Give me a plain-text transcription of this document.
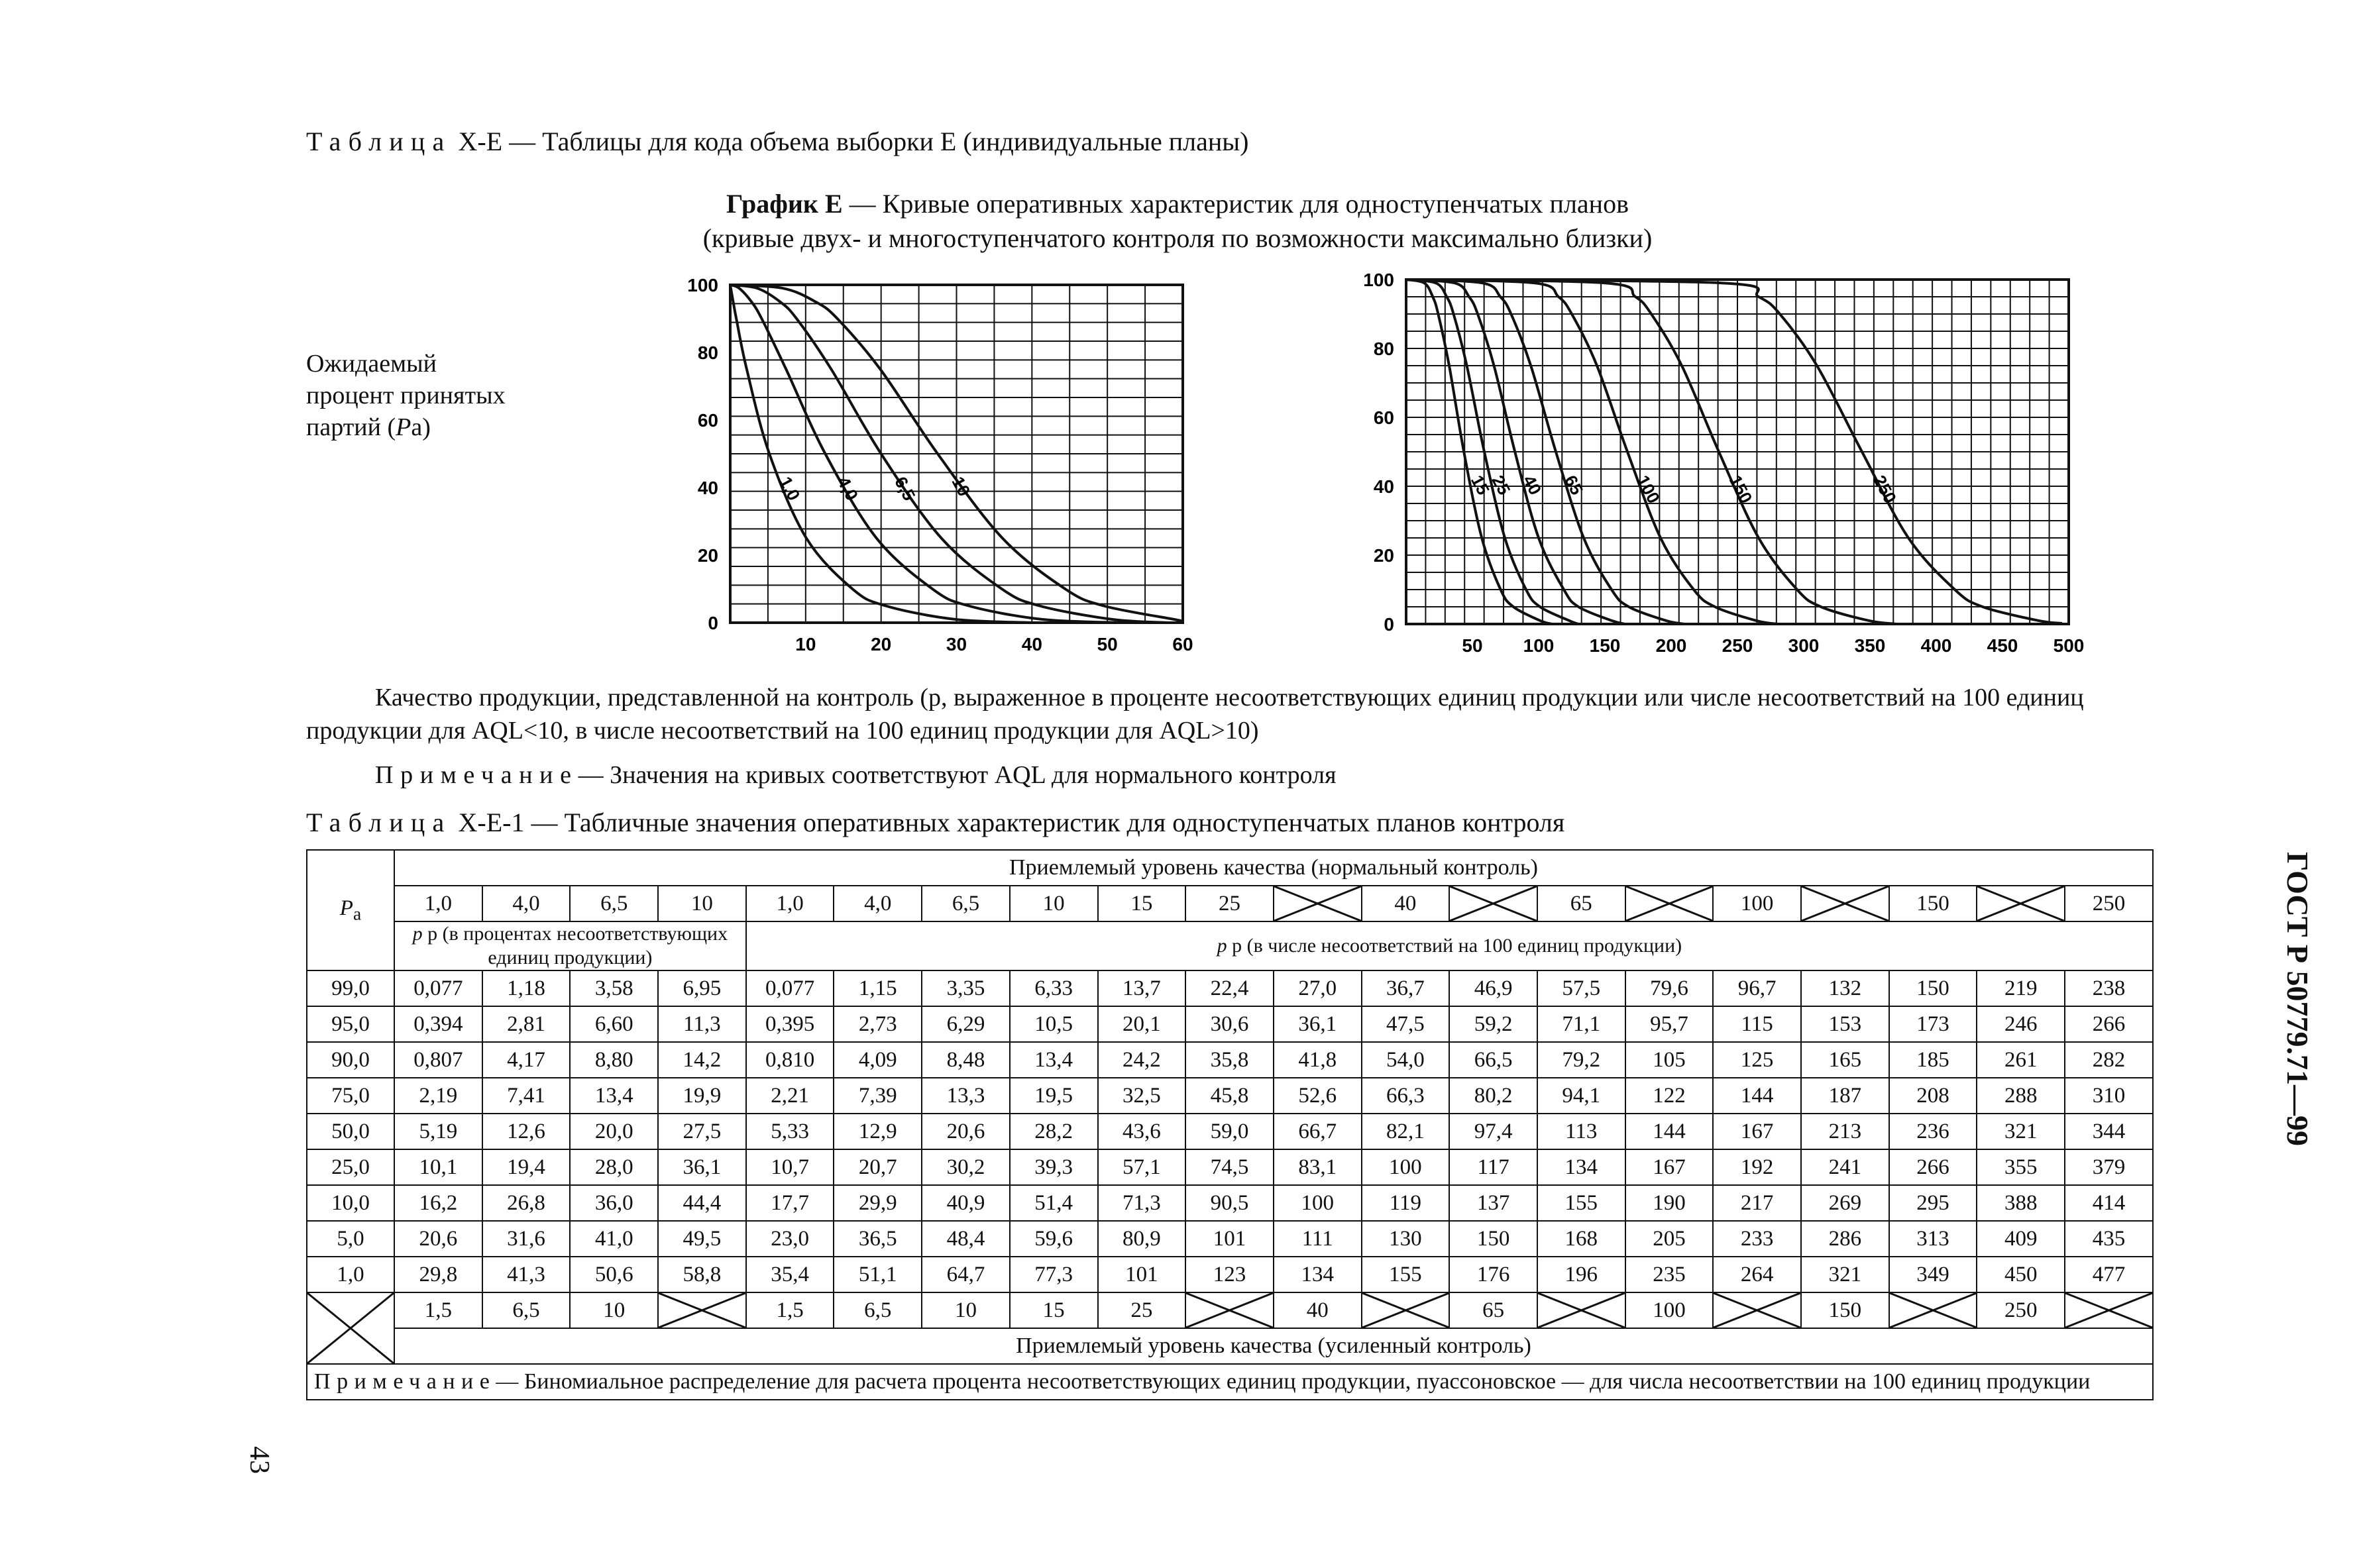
Таблица X-E — Таблицы для кода объема выборки E (индивидуальные планы)
График E — Кривые оперативных характеристик для одноступенчатых планов
(кривые двух- и многоступенчатого контроля по возможности максимально близки)
Ожидаемый
процент принятых
партий (Pa)
0
20
40
60
80
100
10	20	30	40	50	60
1,0 4,0 6,5 10
0
20
40
60
80
100
50 100 150 200 250 300 350 400 450 500
15
25 40 65	100	150	250
Качество продукции, представленной на контроль (p, выраженное в проценте несоответствующих единиц продукции или числе несоответствий на 100 единиц продукции для AQL<10, в числе несоответствий на 100 единиц продукции для AQL>10)
Примечание— Значения на кривых соответствуют AQL для нормального контроля
Таблица X-E-1 — Табличные значения оперативных характеристик для одноступенчатых планов контроля
$P_a$	Приемлемый уровень качества (нормальный контроль)																			
	1,0	4,0	6,5	10	1,0	4,0	6,5	10	15	25		40		65		100		150		250
	p p (в процентах несоответствующих единиц продукции)				p p (в числе несоответствий на 100 единиц продукции)															
99,0	0,077	1,18	3,58	6,95	0,077	1,15	3,35	6,33	13,7	22,4	27,0	36,7	46,9	57,5	79,6	96,7	132	150	219	238
95,0	0,394	2,81	6,60	11,3	0,395	2,73	6,29	10,5	20,1	30,6	36,1	47,5	59,2	71,1	95,7	115	153	173	246	266
90,0	0,807	4,17	8,80	14,2	0,810	4,09	8,48	13,4	24,2	35,8	41,8	54,0	66,5	79,2	105	125	165	185	261	282
75,0	2,19	7,41	13,4	19,9	2,21	7,39	13,3	19,5	32,5	45,8	52,6	66,3	80,2	94,1	122	144	187	208	288	310
50,0	5,19	12,6	20,0	27,5	5,33	12,9	20,6	28,2	43,6	59,0	66,7	82,1	97,4	113	144	167	213	236	321	344
25,0	10,1	19,4	28,0	36,1	10,7	20,7	30,2	39,3	57,1	74,5	83,1	100	117	134	167	192	241	266	355	379
10,0	16,2	26,8	36,0	44,4	17,7	29,9	40,9	51,4	71,3	90,5	100	119	137	155	190	217	269	295	388	414
5,0	20,6	31,6	41,0	49,5	23,0	36,5	48,4	59,6	80,9	101	111	130	150	168	205	233	286	313	409	435
1,0	29,8	41,3	50,6	58,8	35,4	51,1	64,7	77,3	101	123	134	155	176	196	235	264	321	349	450	477

	1,5	6,5	10		1,5	6,5	10	15	25		40		65		100		150		250	

	Приемлемый уровень качества (усиленный контроль)																			
Примечание— Биномиальное распределение для расчета процента несоответствующих единиц продукции, пуассоновское — для числа несоответствии на 100 единиц продукции																				
ГОСТ Р 50779.71—99
43
